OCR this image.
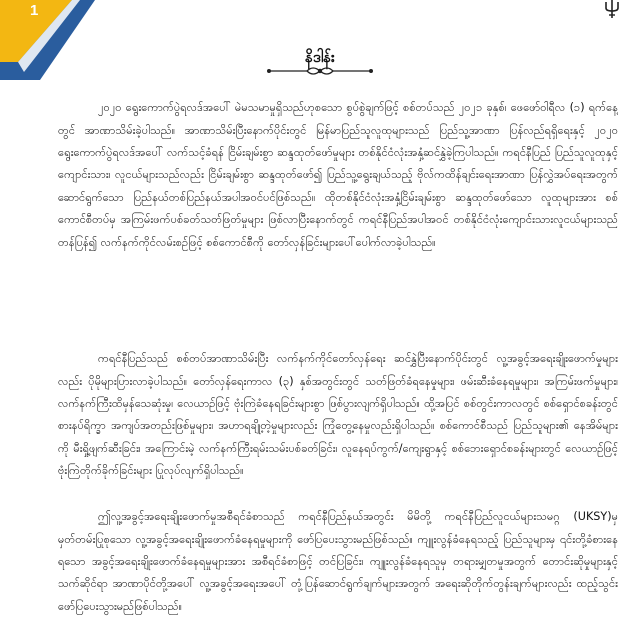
1
နိဒါန်း

၂၀၂၀ ရွေးကောက်ပွဲရလဒ်အပေါ် မဲမသမာမှုရှိသည်ဟုစသော စွပ်စွဲချက်ဖြင့် စစ်တပ်သည် ၂၀၂၁ ခုနှစ်၊ ဖေဖော်ဝါရီလ (၁) ရက်နေ့တွင် အာဏာသိမ်းခဲ့ပါသည်။ အာဏာသိမ်းပြီးနောက်ပိုင်းတွင် မြန်မာပြည်သူလူထုများသည် ပြည်သူ့အာဏာ ပြန်လည်ရရှိရေးနှင့် ၂၀၂၀ ရွေးကောက်ပွဲရလဒ်အပေါ် လက်သင့်ခံရန် ငြိမ်းချမ်းစွာ ဆန္ဒထုတ်ဖော်မှုများ တစ်နိုင်ငံလုံးအနှံ့ဆင်နွှဲခဲ့ကြပါသည်။ ကရင်နီပြည် ပြည်သူလူထုနှင့်ကျောင်းသား၊ လူငယ်များသည်လည်း ငြိမ်းချမ်းစွာ ဆန္ဒထုတ်ဖော်၍ ပြည်သူ့ရွေးချယ်သည့် ဗိုလ်ကထိန်ချင်းရေးအာဏာ ပြန်လွှဲအပ်ရေးအတွက် ဆောင်ရွက်သော ပြည်နယ်တစ်ပြည်နယ်အပါအဝင်ပင်ဖြစ်သည်။ ထိုတစ်နိုင်ငံလုံးအနှံ့ငြိမ်းချမ်းစွာ ဆန္ဒထုတ်ဖော်သော လူထုများအား စစ်ကောင်စီတပ်မှ အကြမ်းဖက်ပစ်ခတ်သတ်ဖြတ်မှုများ ဖြစ်လာပြီးနောက်တွင် ကရင်နီပြည်အပါအဝင် တစ်နိုင်ငံလုံးကျောင်းသားလူငယ်များသည် တန်ပြန်၍ လက်နက်ကိုင်လမ်းစဉ်ဖြင့် စစ်ကောင်စီကို တော်လှန်ခြင်းများပေါ်ပေါက်လာခဲ့ပါသည်။

ကရင်နီပြည်သည် စစ်တပ်အာဏာသိမ်းပြီး လက်နက်ကိုင်တော်လှန်ရေး ဆင်နွှဲပြီးနောက်ပိုင်းတွင် လူ့အခွင့်အရေးချိုးဖောက်မှုများလည်း ပိုမိုများပြားလာခဲ့ပါသည်။ တော်လှန်ရေးကာလ (၃) နှစ်အတွင်းတွင် သတ်ဖြတ်ခံရနေမှုများ၊ ဖမ်းဆီးခံနေရမှုများ၊ အကြမ်းဖက်မှုများ၊ လက်နက်ကြီးထိမှန်သေဆုံးမှု၊ လေယာဉ်ဖြင့် ဗုံးကြဲခံနေရခြင်းများစွာ ဖြစ်ပွားလျက်ရှိပါသည်။ ထို့အပြင် စစ်တွင်းကာလတွင် စစ်ရှောင်စခန်းတွင် စားနပ်ရိက္ခာ အကျပ်အတည်းဖြစ်မှုများ၊ အဟာရချို့တဲ့မှုများလည်း ကြုံတွေ့နေမှုလည်းရှိပါသည်။ စစ်ကောင်စီသည် ပြည်သူများ၏ နေအိမ်များကို မီးရှို့ဖျက်ဆီးခြင်း၊ အကြောင်းမဲ့ လက်နက်ကြီးရမ်းသမ်းပစ်ခတ်ခြင်း၊ လူနေရပ်ကွက်/ကျေးရွာနှင့် စစ်ဘေးရှောင်စခန်းများတွင် လေယာဉ်ဖြင့် ဗုံးကြဲတိုက်ခိုက်ခြင်းများ ပြုလုပ်လျက်ရှိပါသည်။

ဤလူ့အခွင့်အရေးချိုးဖောက်မှုအစီရင်ခံစာသည် ကရင်နီပြည်နယ်အတွင်း မိမိတို့ ကရင်နီပြည်လူငယ်များသမဂ္ဂ (UKSY)မှ မှတ်တမ်းပြုစုသော လူ့အခွင့်အရေးချိုးဖောက်ခံနေရမှုများကို ဖော်ပြပေးသွားမည်ဖြစ်သည်။ ကျူးလွန်ခံနေရသည့် ပြည်သူများမှ ၎င်းတို့ခံစားနေရသော အခွင့်အရေးချိုးဖောက်ခံနေရမှုများအား အစီရင်ခံစာဖြင့် တင်ပြခြင်း၊ ကျူးလွန်ခံနေရသူမှ တရားမျှတမှုအတွက် တောင်းဆိုမှုများနှင့် သက်ဆိုင်ရာ အာဏာပိုင်တို့အပေါ် လူ့အခွင့်အရေးအပေါ် တုံ့ပြန်ဆောင်ရွက်ချက်များအတွက် အရေးဆိုတိုက်တွန်းချက်များလည်း ထည့်သွင်းဖော်ပြပေးသွားမည်ဖြစ်ပါသည်။
